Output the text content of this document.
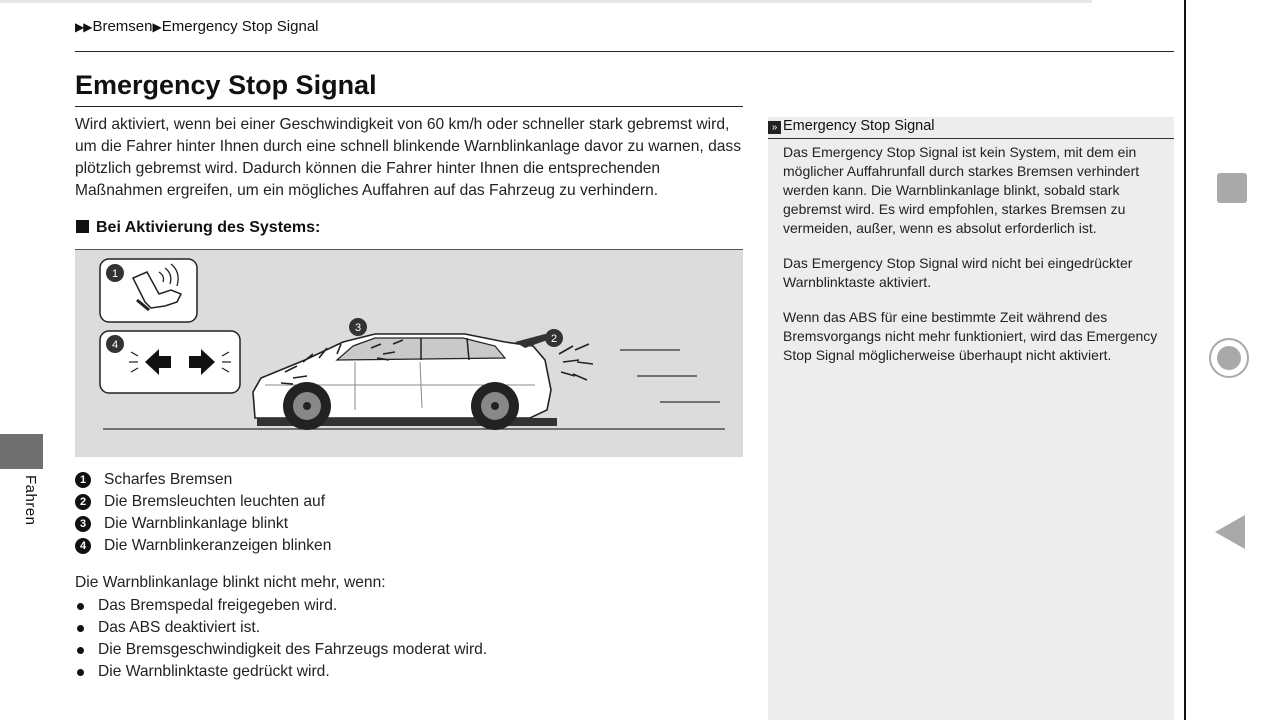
▶▶Bremsen▶Emergency Stop Signal
Emergency Stop Signal

Wird aktiviert, wenn bei einer Geschwindigkeit von 60 km/h oder schneller stark gebremst wird, um die Fahrer hinter Ihnen durch eine schnell blinkende Warnblinkanlage davor zu warnen, dass plötzlich gebremst wird. Dadurch können die Fahrer hinter Ihnen die entsprechenden Maßnahmen ergreifen, um ein mögliches Auffahren auf das Fahrzeug zu verhindern.

Bei Aktivierung des Systems:
1
4
3
2
1	Scharfes Bremsen
2	Die Bremsleuchten leuchten auf
3	Die Warnblinkanlage blinkt
4	Die Warnblinkeranzeigen blinken
Die Warnblinkanlage blinkt nicht mehr, wenn:
Das Bremspedal freigegeben wird.
Das ABS deaktiviert ist.
Die Bremsgeschwindigkeit des Fahrzeugs moderat wird.
Die Warnblinktaste gedrückt wird.
» Emergency Stop Signal

Das Emergency Stop Signal ist kein System, mit dem ein möglicher Auffahrunfall durch starkes Bremsen verhindert werden kann. Die Warnblinkanlage blinkt, sobald stark gebremst wird. Es wird empfohlen, starkes Bremsen zu vermeiden, außer, wenn es absolut erforderlich ist.

Das Emergency Stop Signal wird nicht bei eingedrückter Warnblinktaste aktiviert.

Wenn das ABS für eine bestimmte Zeit während des Bremsvorgangs nicht mehr funktioniert, wird das Emergency Stop Signal möglicherweise überhaupt nicht aktiviert.

Fahren
